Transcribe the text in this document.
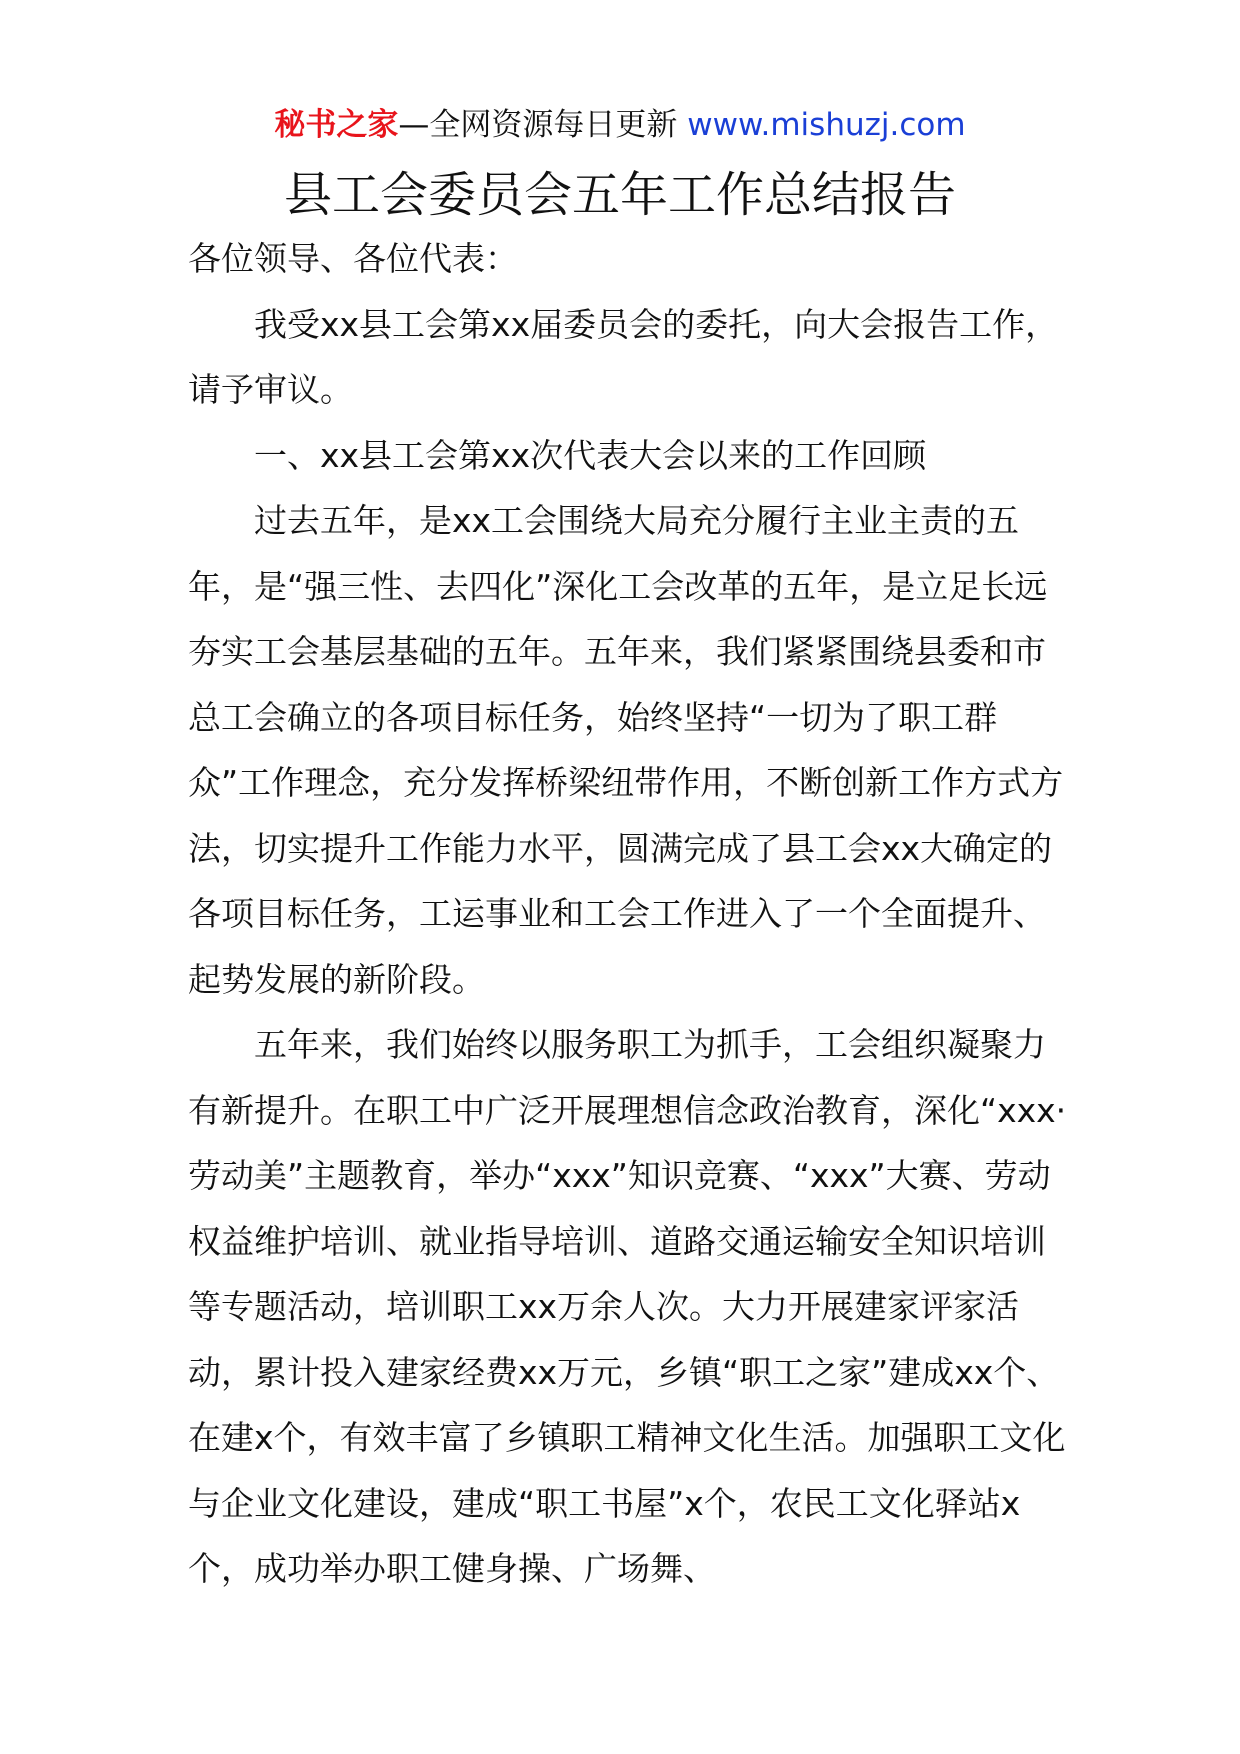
秘书之家—全网资源每日更新 www.mishuzj.com
县工会委员会五年工作总结报告

各位领导、各位代表：

我受xx县工会第xx届委员会的委托，向大会报告工作，请予审议。

一、xx县工会第xx次代表大会以来的工作回顾

过去五年，是xx工会围绕大局充分履行主业主责的五年，是“强三性、去四化”深化工会改革的五年，是立足长远夯实工会基层基础的五年。五年来，我们紧紧围绕县委和市总工会确立的各项目标任务，始终坚持“一切为了职工群众”工作理念，充分发挥桥梁纽带作用，不断创新工作方式方法，切实提升工作能力水平，圆满完成了县工会xx大确定的各项目标任务，工运事业和工会工作进入了一个全面提升、起势发展的新阶段。

五年来，我们始终以服务职工为抓手，工会组织凝聚力有新提升。在职工中广泛开展理想信念政治教育，深化“xxx·劳动美”主题教育，举办“xxx”知识竞赛、“xxx”大赛、劳动权益维护培训、就业指导培训、道路交通运输安全知识培训等专题活动，培训职工xx万余人次。大力开展建家评家活动，累计投入建家经费xx万元，乡镇“职工之家”建成xx个、在建x个，有效丰富了乡镇职工精神文化生活。加强职工文化与企业文化建设，建成“职工书屋”x个，农民工文化驿站x个，成功举办职工健身操、广场舞、
